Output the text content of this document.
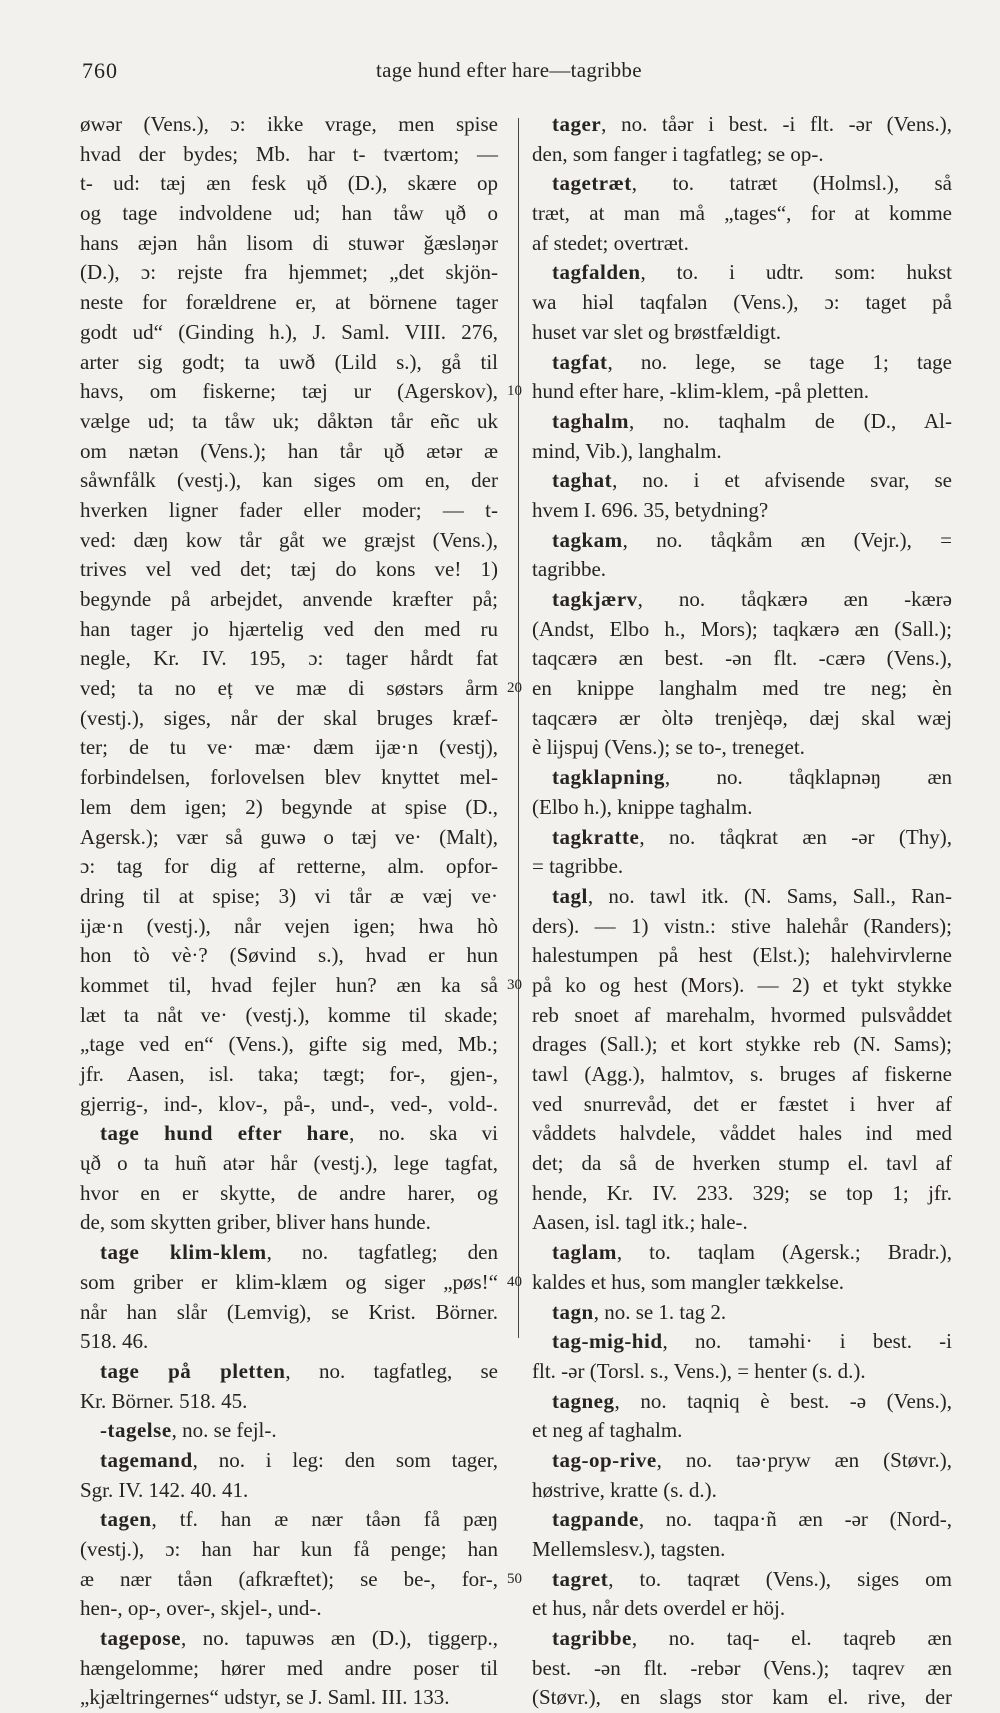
760	tage hund efter hare—tagribbe
øwər (Vens.), ɔ: ikke vrage, men spise
hvad der bydes; Mb. har t- tværtom; —
t- ud: tæj æn fesk ųð (D.), skære op
og tage indvoldene ud; han tåw ųð o
hans æjən hån lisom di stuwər ǧæsləŋər
(D.), ɔ: rejste fra hjemmet; „det skjön-
neste for forældrene er, at börnene tager
godt ud“ (Ginding h.), J. Saml. VIII. 276,
arter sig godt; ta uwð (Lild s.), gå til
havs, om fiskerne; tæj ur (Agerskov),
vælge ud; ta tåw uk; dåktən tår eñc uk
om nætən (Vens.); han tår ųð ætər æ
såwnfålk (vestj.), kan siges om en, der
hverken ligner fader eller moder; — t-
ved: dæŋ kow tår gåt we græjst (Vens.),
trives vel ved det; tæj do kons ve! 1)
begynde på arbejdet, anvende kræfter på;
han tager jo hjærtelig ved den med ru
negle, Kr. IV. 195, ɔ: tager hårdt fat
ved; ta no eț ve mæ di søstərs årm
(vestj.), siges, når der skal bruges kræf-
ter; de tu ve· mæ· dæm ijæ·n (vestj),
forbindelsen, forlovelsen blev knyttet mel-
lem dem igen; 2) begynde at spise (D.,
Agersk.); vær så guwə o tæj ve· (Malt),
ɔ: tag for dig af retterne, alm. opfor-
dring til at spise; 3) vi tår æ væj ve·
ijæ·n (vestj.), når vejen igen; hwa hò
hon tò vè·? (Søvind s.), hvad er hun
kommet til, hvad fejler hun? æn ka så
læt ta nåt ve· (vestj.), komme til skade;
„tage ved en“ (Vens.), gifte sig med, Mb.;
jfr. Aasen, isl. taka; tægt; for-, gjen-,
gjerrig-, ind-, klov-, på-, und-, ved-, vold-.
tage hund efter hare, no. ska vi
ųð o ta huñ atər hår (vestj.), lege tagfat,
hvor en er skytte, de andre harer, og
de, som skytten griber, bliver hans hunde.
tage klim-klem, no. tagfatleg; den
som griber er klim-klæm og siger „pøs!“
når han slår (Lemvig), se Krist. Börner.
518. 46.
tage på pletten, no. tagfatleg, se
Kr. Börner. 518. 45.
-tagelse, no. se fejl-.
tagemand, no. i leg: den som tager,
Sgr. IV. 142. 40. 41.
tagen, tf. han æ nær tåən få pæŋ
(vestj.), ɔ: han har kun få penge; han
æ nær tåən (afkræftet); se be-, for-,
hen-, op-, over-, skjel-, und-.
tagepose, no. tapuwəs æn (D.), tiggerp.,
hængelomme; hører med andre poser til
„kjæltringernes“ udstyr, se J. Saml. III. 133.
tager, no. tåər i best. -i flt. -ər (Vens.),
den, som fanger i tagfatleg; se op-.
tagetræt, to. tatræt (Holmsl.), så
træt, at man må „tages“, for at komme
af stedet; overtræt.
tagfalden, to. i udtr. som: hukst
wa hiəl taqfalən (Vens.), ɔ: taget på
huset var slet og brøstfældigt.
tagfat, no. lege, se tage 1; tage
hund efter hare, -klim-klem, -på pletten.
taghalm, no. taqhalm de (D., Al-
mind, Vib.), langhalm.
taghat, no. i et afvisende svar, se
hvem I. 696. 35, betydning?
tagkam, no. tåqkåm æn (Vejr.), =
tagribbe.
tagkjærv, no. tåqkærə æn -kærə
(Andst, Elbo h., Mors); taqkærə æn (Sall.);
taqcærə æn best. -ən flt. -cærə (Vens.),
en knippe langhalm med tre neg; èn
taqcærə ær òltə trenjèqə, dæj skal wæj
è lijspuj (Vens.); se to-, treneget.
tagklapning, no. tåqklapnəŋ æn
(Elbo h.), knippe taghalm.
tagkratte, no. tåqkrat æn -ər (Thy),
= tagribbe.
tagl, no. tawl itk. (N. Sams, Sall., Ran-
ders). — 1) vistn.: stive halehår (Randers);
halestumpen på hest (Elst.); halehvirvlerne
på ko og hest (Mors). — 2) et tykt stykke
reb snoet af marehalm, hvormed pulsvåddet
drages (Sall.); et kort stykke reb (N. Sams);
tawl (Agg.), halmtov, s. bruges af fiskerne
ved snurrevåd, det er fæstet i hver af
våddets halvdele, våddet hales ind med
det; da så de hverken stump el. tavl af
hende, Kr. IV. 233. 329; se top 1; jfr.
Aasen, isl. tagl itk.; hale-.
taglam, to. taqlam (Agersk.; Bradr.),
kaldes et hus, som mangler tækkelse.
tagn, no. se 1. tag 2.
tag-mig-hid, no. taməhi· i best. -i
flt. -ər (Torsl. s., Vens.), = henter (s. d.).
tagneg, no. taqniq è best. -ə (Vens.),
et neg af taghalm.
tag-op-rive, no. taə·pryw æn (Støvr.),
høstrive, kratte (s. d.).
tagpande, no. taqpa·ñ æn -ər (Nord-,
Mellemslesv.), tagsten.
tagret, to. taqræt (Vens.), siges om
et hus, når dets overdel er höj.
tagribbe, no. taq- el. taqreb æn
best. -ən flt. -rebər (Vens.); taqrev æn
(Støvr.), en slags stor kam el. rive, der
10
20
30
40
50
